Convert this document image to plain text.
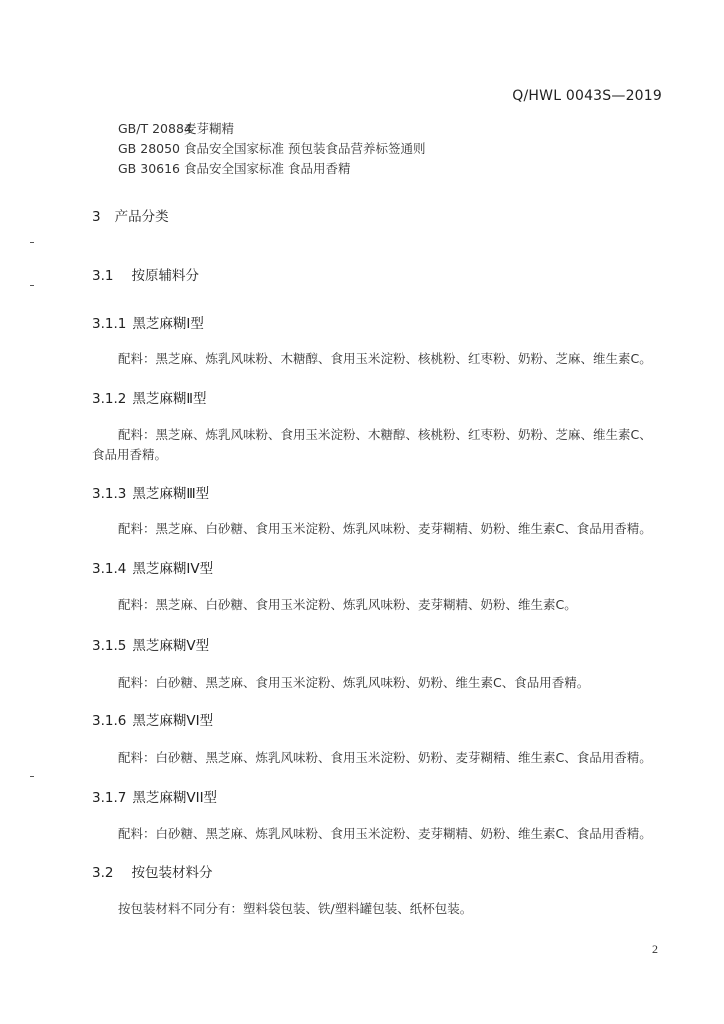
Q/HWL 0043S—2019
GB/T 20884麦芽糊精
GB 28050 食品安全国家标准 预包装食品营养标签通则
GB 30616 食品安全国家标准 食品用香精
3 产品分类
3.1 按原辅料分
3.1.1 黑芝麻糊Ⅰ型
配料：黑芝麻、炼乳风味粉、木糖醇、食用玉米淀粉、核桃粉、红枣粉、奶粉、芝麻、维生素C。
3.1.2 黑芝麻糊Ⅱ型
配料：黑芝麻、炼乳风味粉、食用玉米淀粉、木糖醇、核桃粉、红枣粉、奶粉、芝麻、维生素C、食品用香精。
3.1.3 黑芝麻糊Ⅲ型
配料：黑芝麻、白砂糖、食用玉米淀粉、炼乳风味粉、麦芽糊精、奶粉、维生素C、食品用香精。
3.1.4 黑芝麻糊IV型
配料：黑芝麻、白砂糖、食用玉米淀粉、炼乳风味粉、麦芽糊精、奶粉、维生素C。
3.1.5 黑芝麻糊Ⅴ型
配料：白砂糖、黑芝麻、食用玉米淀粉、炼乳风味粉、奶粉、维生素C、食品用香精。
3.1.6 黑芝麻糊VI型
配料：白砂糖、黑芝麻、炼乳风味粉、食用玉米淀粉、奶粉、麦芽糊精、维生素C、食品用香精。
3.1.7 黑芝麻糊VII型
配料：白砂糖、黑芝麻、炼乳风味粉、食用玉米淀粉、麦芽糊精、奶粉、维生素C、食品用香精。
3.2 按包装材料分
按包装材料不同分有：塑料袋包装、铁/塑料罐包装、纸杯包装。
2
